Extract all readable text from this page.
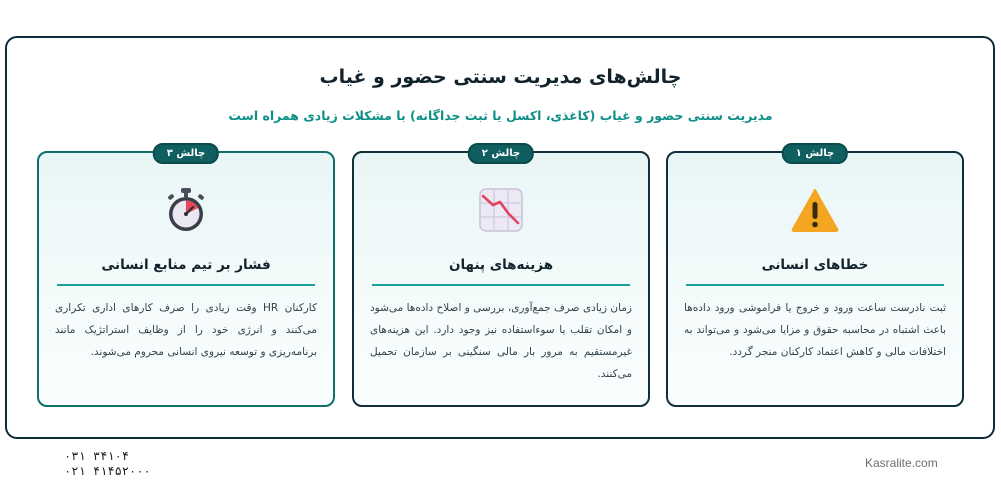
چالش‌های مدیریت سنتی حضور و غیاب

مدیریت سنتی حضور و غیاب (کاغذی، اکسل یا ثبت جداگانه) با مشکلات زیادی همراه است

چالش ۳
فشار بر تیم منابع انسانی
کارکنان HR وقت زیادی را صرف کارهای اداری تکراری می‌کنند و انرژی خود را از وظایف استراتژیک مانند برنامه‌ریزی و توسعه نیروی انسانی محروم می‌شوند.
چالش ۲
هزینه‌های پنهان
زمان زیادی صرف جمع‌آوری، بررسی و اصلاح داده‌ها می‌شود و امکان تقلب یا سوءاستفاده نیز وجود دارد. این هزینه‌های غیرمستقیم به مرور بار مالی سنگینی بر سازمان تحمیل می‌کنند.
چالش ۱
خطاهای انسانی
ثبت نادرست ساعت ورود و خروج یا فراموشی ورود داده‌ها باعث اشتباه در محاسبه حقوق و مزایا می‌شود و می‌تواند به اختلافات مالی و کاهش اعتماد کارکنان منجر گردد.
۰۳۱ ۳۴۱۰۴
۰۲۱ ۴۱۴۵۲۰۰۰
Kasralite.com
